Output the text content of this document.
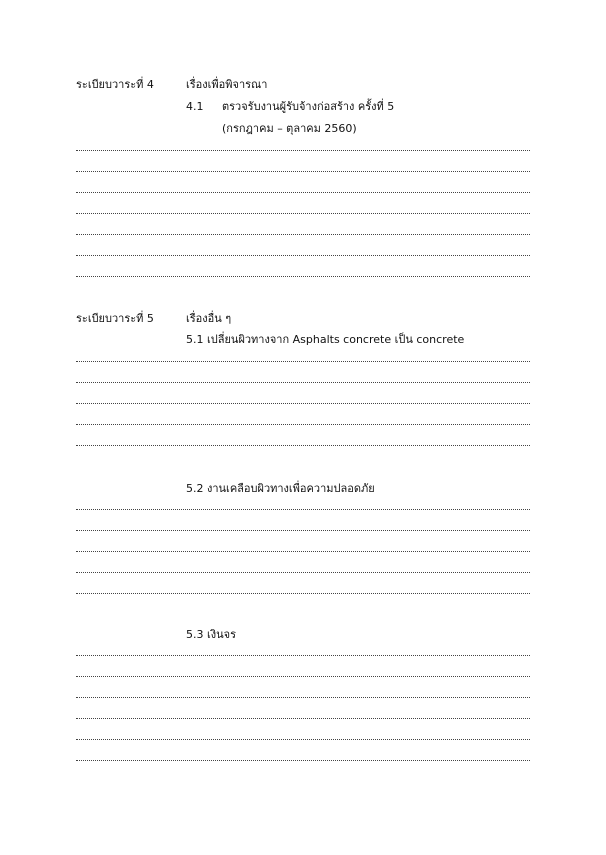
ระเบียบวาระที่ 4	เรื่องเพื่อพิจารณา
4.1 ตรวจรับงานผู้รับจ้างก่อสร้าง ครั้งที่ 5
(กรกฎาคม – ตุลาคม 2560)
ระเบียบวาระที่ 5	เรื่องอื่น ๆ
5.1 เปลี่ยนผิวทางจาก Asphalts concrete เป็น concrete
5.2 งานเคลือบผิวทางเพื่อความปลอดภัย
5.3 เงินจร
